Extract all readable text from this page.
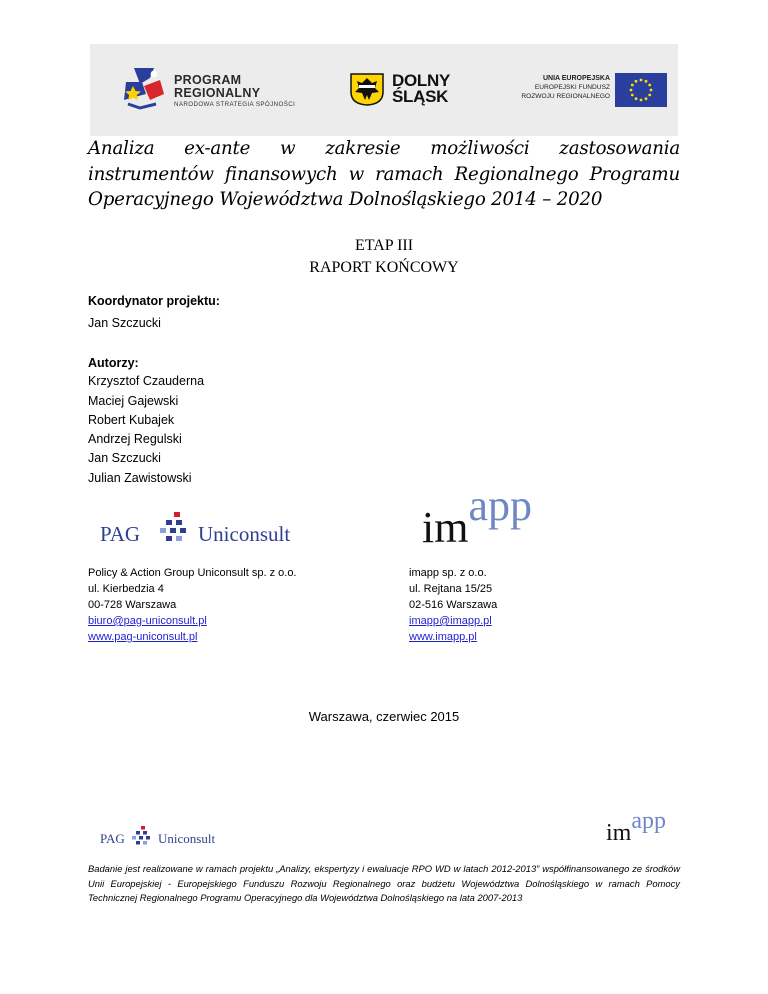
PROGRAM
REGIONALNY
NARODOWA STRATEGIA SPÓJNOŚCI
DOLNY
ŚLĄSK
UNIA EUROPEJSKA
EUROPEJSKI FUNDUSZ
ROZWOJU REGIONALNEGO
Analiza ex-ante w zakresie możliwości zastosowania instrumentów finansowych w ramach Regionalnego Programu Operacyjnego Województwa Dolnośląskiego 2014 – 2020
ETAP III
RAPORT KOŃCOWY
Koordynator projektu:
Jan Szczucki
Autorzy:
Krzysztof Czauderna
Maciej Gajewski
Robert Kubajek
Andrzej Regulski
Jan Szczucki
Julian Zawistowski
PAG	Uniconsult	imapp
Policy & Action Group Uniconsult sp. z o.o.
ul. Kierbedzia 4
00-728 Warszawa
biuro@pag-uniconsult.pl
www.pag-uniconsult.pl
imapp sp. z o.o.
ul. Rejtana 15/25
02-516 Warszawa
imapp@imapp.pl
www.imapp.pl
Warszawa, czerwiec 2015
PAG	Uniconsult	imapp
Badanie jest realizowane w ramach projektu „Analizy, ekspertyzy i ewaluacje RPO WD w latach 2012-2013” współfinansowanego ze środków Unii Europejskiej - Europejskiego Funduszu Rozwoju Regionalnego oraz budżetu Województwa Dolnośląskiego w ramach Pomocy Technicznej Regionalnego Programu Operacyjnego dla Województwa Dolnośląskiego na lata 2007-2013
